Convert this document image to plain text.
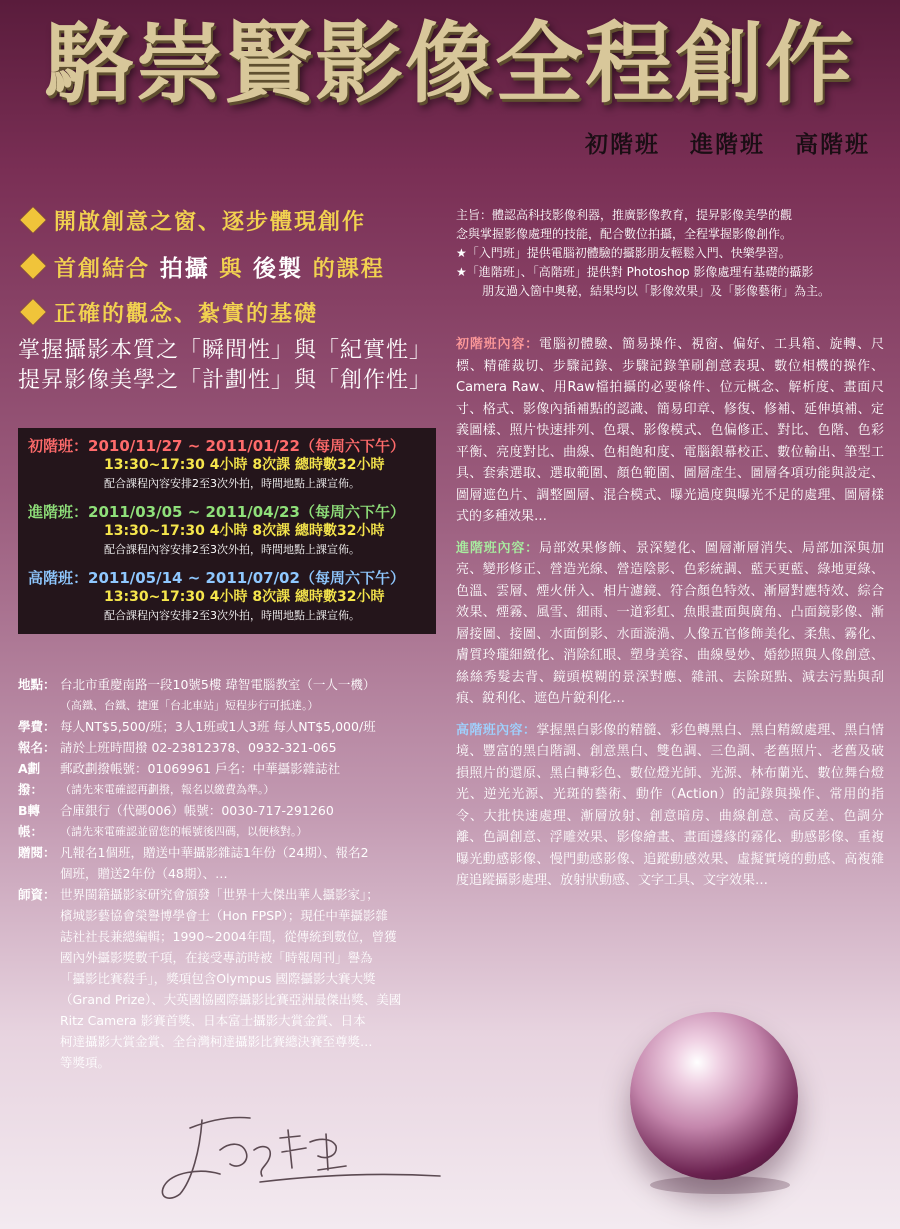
駱崇賢影像全程創作
初階班 進階班 高階班
開啟創意之窗、逐步體現創作
首創結合 拍攝 與 後製 的課程
正確的觀念、紮實的基礎
掌握攝影本質之「瞬間性」與「紀實性」
提昇影像美學之「計劃性」與「創作性」

主旨：體認高科技影像利器，推廣影像教育，提昇影像美學的觀

念與掌握影像處理的技能，配合數位拍攝，全程掌握影像創作。

★「入門班」提供電腦初體驗的攝影朋友輕鬆入門、快樂學習。

★「進階班」、「高階班」提供對 Photoshop 影像處理有基礎的攝影

朋友過入箇中奧秘，結果均以「影像效果」及「影像藝術」為主。

初階班：2010/11/27 ~ 2011/01/22（每周六下午）
13:30~17:30 4小時 8次課 總時數32小時
配合課程內容安排2至3次外拍，時間地點上課宣佈。
進階班：2011/03/05 ~ 2011/04/23（每周六下午）
13:30~17:30 4小時 8次課 總時數32小時
配合課程內容安排2至3次外拍，時間地點上課宣佈。
高階班：2011/05/14 ~ 2011/07/02（每周六下午）
13:30~17:30 4小時 8次課 總時數32小時
配合課程內容安排2至3次外拍，時間地點上課宣佈。
地點： 台北市重慶南路一段10號5樓 瑋智電腦教室（一人一機）
（高鐵、台鐵、捷運「台北車站」短程步行可抵達。）
學費： 每人NT$5,500/班；3人1班或1人3班 每人NT$5,000/班
報名： 請於上班時間撥 02-23812378、0932-321-065
A劃撥：
郵政劃撥帳號：01069961 戶名：中華攝影雜誌社
（請先來電確認再劃撥，報名以繳費為準。）
B轉帳：
合庫銀行（代碼006）帳號：0030-717-291260
（請先來電確認並留您的帳號後四碼，以便核對。）
贈閱： 凡報名1個班，贈送中華攝影雜誌1年份（24期）、報名2
個班，贈送2年份（48期）、…
師資： 世界閩籍攝影家研究會頒發「世界十大傑出華人攝影家」；
檳城影藝協會榮譽博學會士（Hon FPSP）；現任中華攝影雜
誌社社長兼總編輯；1990~2004年間，從傳統到數位，曾獲
國內外攝影獎數千項，在接受專訪時被「時報周刊」譽為
「攝影比賽殺手」，獎項包含Olympus 國際攝影大賽大獎
（Grand Prize）、大英國協國際攝影比賽亞洲最傑出獎、美國
Ritz Camera 影賽首獎、日本富士攝影大賞金賞、日本
柯達攝影大賞金賞、全台灣柯達攝影比賽總決賽至尊獎…
等獎項。
初階班內容：電腦初體驗、簡易操作、視窗、偏好、工具箱、旋轉、尺標、精確裁切、步驟記錄、步驟記錄筆刷創意表現、數位相機的操作、Camera Raw、用Raw檔拍攝的必要條件、位元概念、解析度、畫面尺寸、格式、影像內插補點的認識、簡易印章、修復、修補、延伸填補、定義圖樣、照片快速排列、色環、影像模式、色偏修正、對比、色階、色彩平衡、亮度對比、曲線、色相飽和度、電腦銀幕校正、數位輸出、筆型工具、套索選取、選取範圍、顏色範圍、圖層產生、圖層各項功能與設定、圖層遮色片、調整圖層、混合模式、曝光過度與曝光不足的處理、圖層樣式的多種效果…
進階班內容：局部效果修飾、景深變化、圖層漸層消失、局部加深與加亮、變形修正、營造光線、營造陰影、色彩統調、藍天更藍、綠地更綠、色溫、雲層、煙火併入、相片濾鏡、符合顏色特效、漸層對應特效、綜合效果、煙霧、風雪、細雨、一道彩虹、魚眼畫面與廣角、凸面鏡影像、漸層接圖、接圖、水面倒影、水面漩渦、人像五官修飾美化、柔焦、霧化、膚質玲瓏細緻化、消除紅眼、塑身美容、曲線曼妙、婚紗照與人像創意、絲絲秀髮去背、鏡頭模糊的景深對應、雜訊、去除斑點、減去污點與刮痕、銳利化、遮色片銳利化…
高階班內容：掌握黑白影像的精髓、彩色轉黑白、黑白精緻處理、黑白情境、豐富的黑白階調、創意黑白、雙色調、三色調、老舊照片、老舊及破損照片的還原、黑白轉彩色、數位燈光師、光源、林布蘭光、數位舞台燈光、逆光光源、光斑的藝術、動作（Action）的記錄與操作、常用的指令、大批快速處理、漸層放射、創意暗房、曲線創意、高反差、色調分離、色調創意、浮雕效果、影像繪畫、畫面邊緣的霧化、動感影像、重複曝光動感影像、慢門動感影像、追蹤動感效果、虛擬實境的動感、高複雜度追蹤攝影處理、放射狀動感、文字工具、文字效果…
